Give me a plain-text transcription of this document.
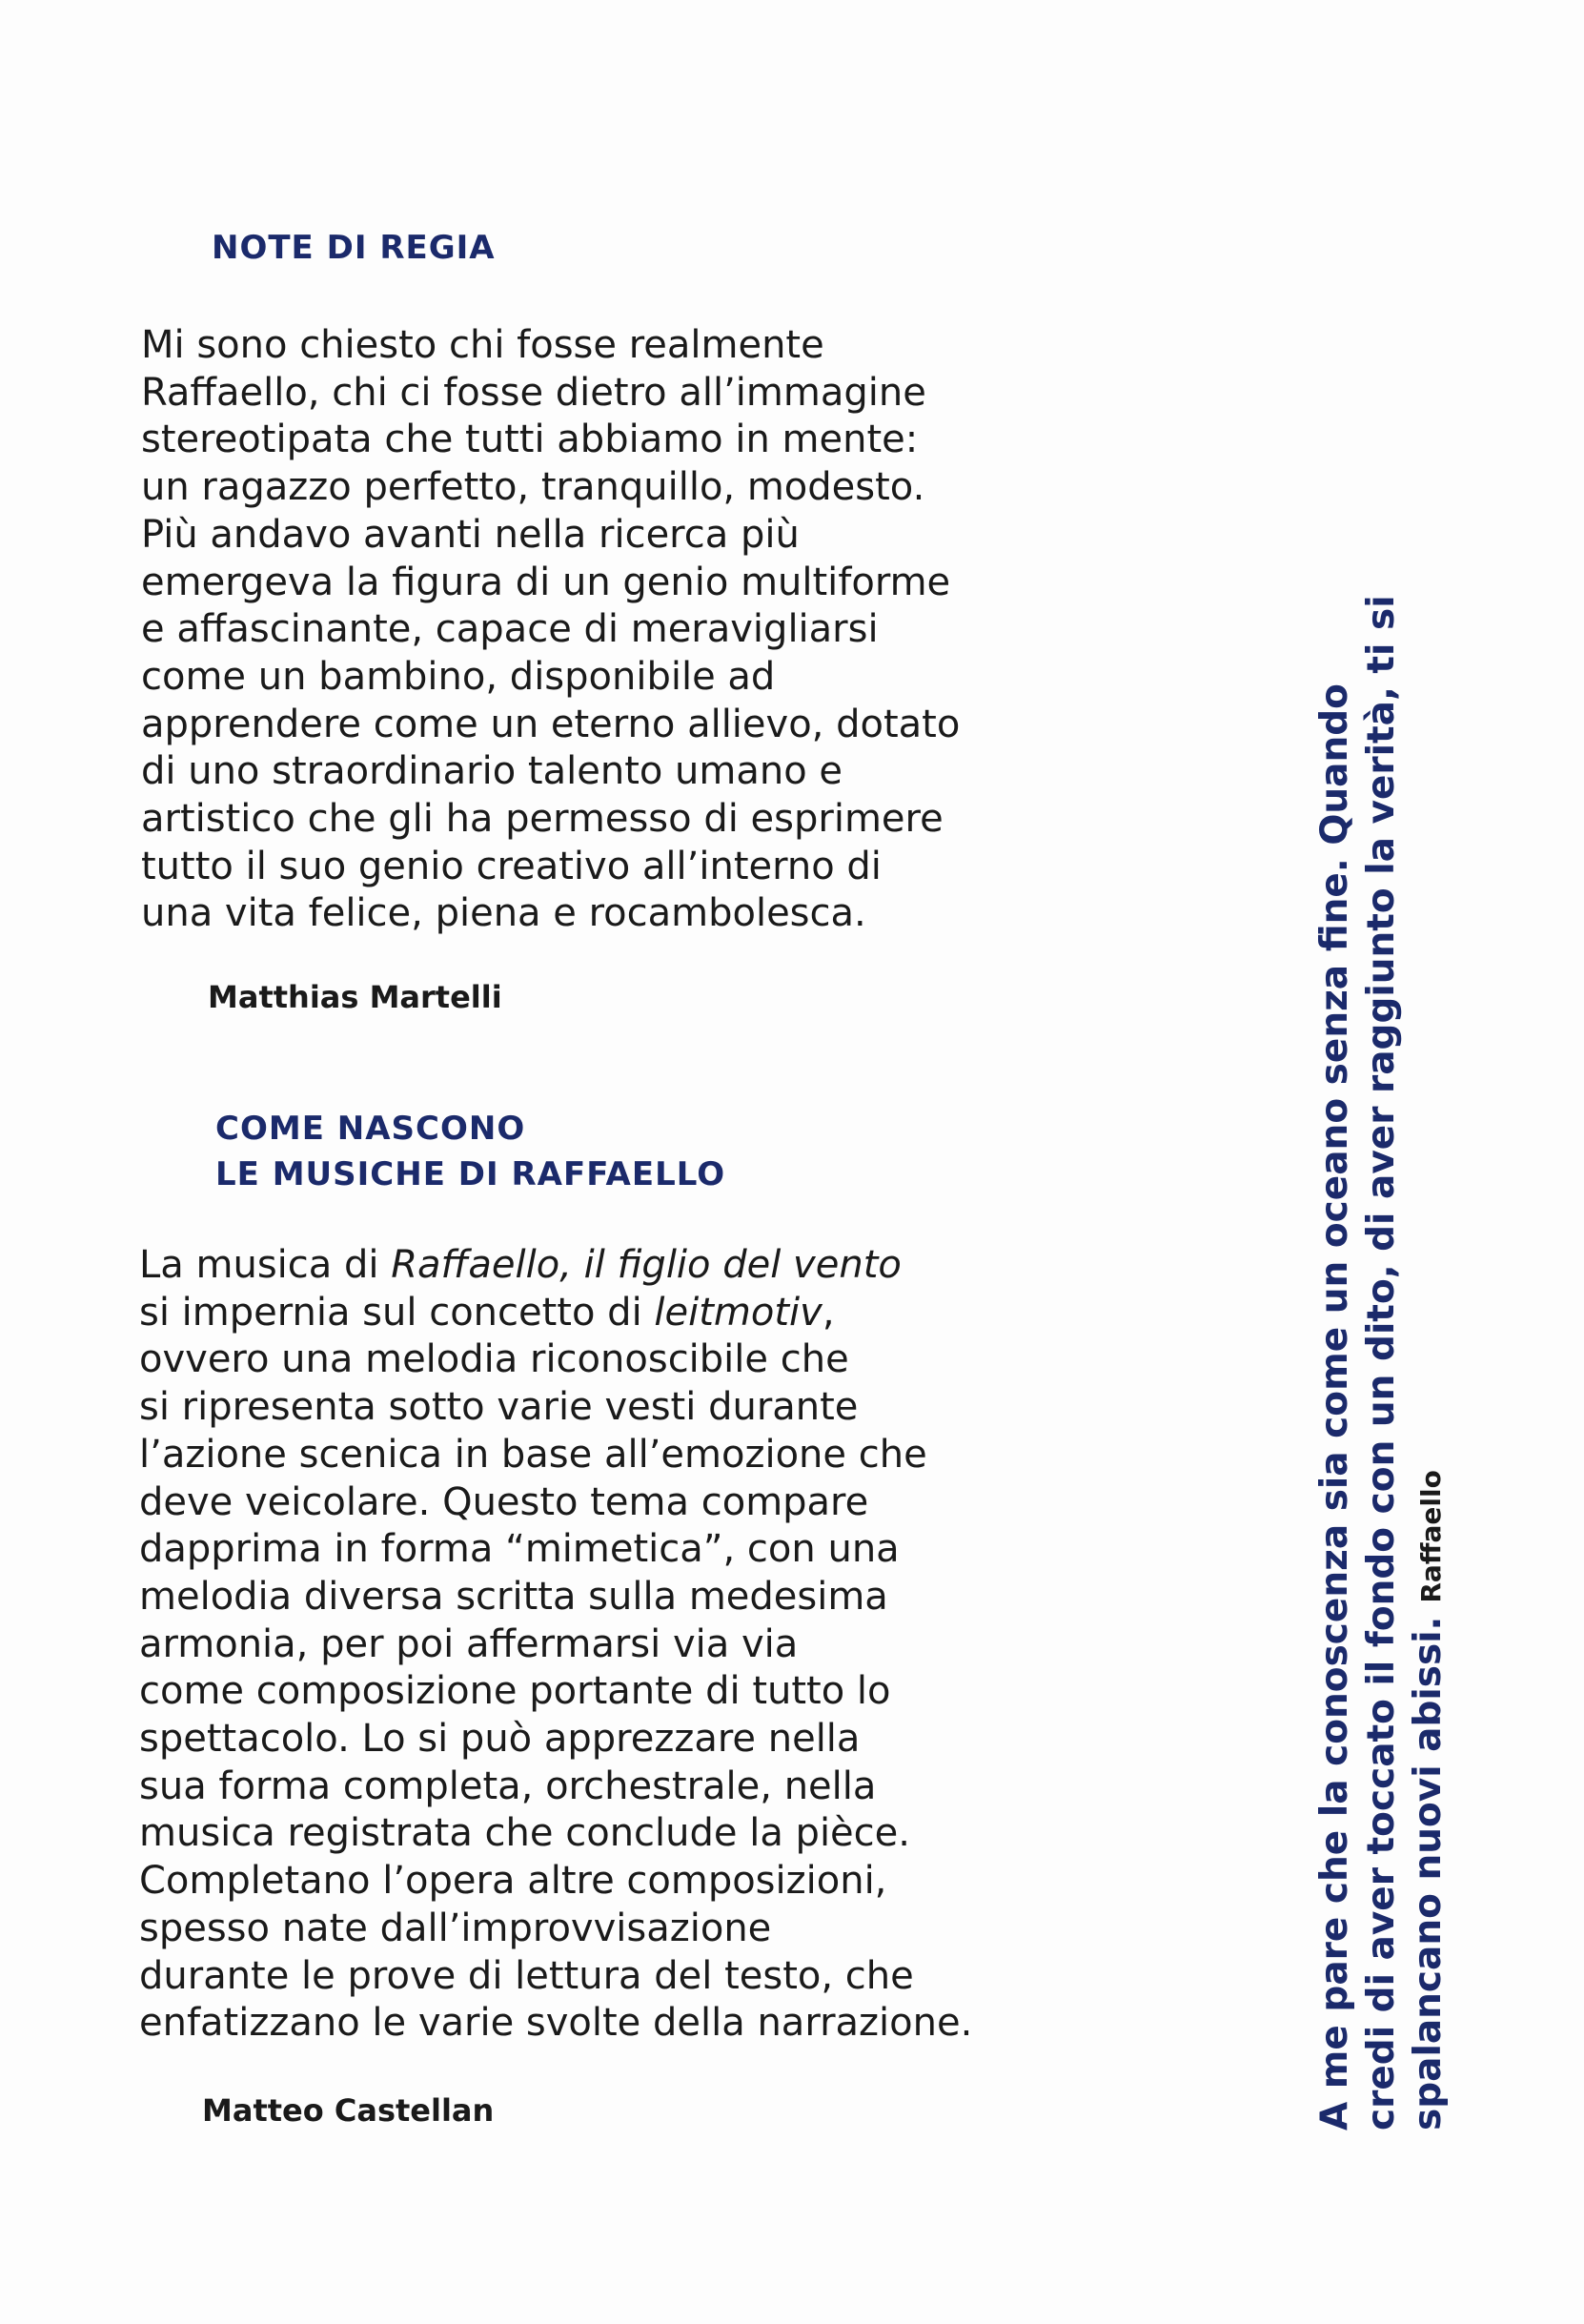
NOTE DI REGIA
Mi sono chiesto chi fosse realmente
Raffaello, chi ci fosse dietro all’immagine
stereotipata che tutti abbiamo in mente:
un ragazzo perfetto, tranquillo, modesto.
Più andavo avanti nella ricerca più
emergeva la figura di un genio multiforme
e affascinante, capace di meravigliarsi
come un bambino, disponibile ad
apprendere come un eterno allievo, dotato
di uno straordinario talento umano e
artistico che gli ha permesso di esprimere
tutto il suo genio creativo all’interno di
una vita felice, piena e rocambolesca.

Matthias Martelli

COME NASCONO
LE MUSICHE DI RAFFAELLO
La musica di Raffaello, il figlio del vento
si impernia sul concetto di leitmotiv,
ovvero una melodia riconoscibile che
si ripresenta sotto varie vesti durante
l’azione scenica in base all’emozione che
deve veicolare. Questo tema compare
dapprima in forma “mimetica”, con una
melodia diversa scritta sulla medesima
armonia, per poi affermarsi via via
come composizione portante di tutto lo
spettacolo. Lo si può apprezzare nella
sua forma completa, orchestrale, nella
musica registrata che conclude la pièce.
Completano l’opera altre composizioni,
spesso nate dall’improvvisazione
durante le prove di lettura del testo, che
enfatizzano le varie svolte della narrazione.

Matteo Castellan	A me pare che la conoscenza sia come un oceano senza fine. Quando credi di aver toccato il fondo con un dito, di aver raggiunto la verità, ti si spalancano nuovi abissi.Raffaello
